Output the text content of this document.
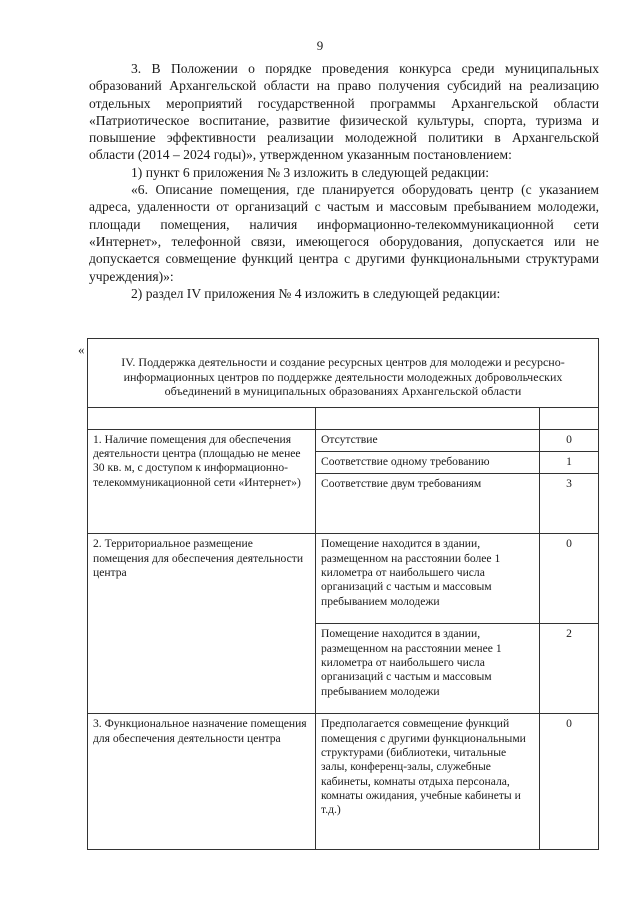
9

3. В Положении о порядке проведения конкурса среди муниципальных образований Архангельской области на право получения субсидий на реализацию отдельных мероприятий государственной программы Архангельской области «Патриотическое воспитание, развитие физической культуры, спорта, туризма и повышение эффективности реализации молодежной политики в Архангельской области (2014 – 2024 годы)», утвержденном указанным постановлением:

1) пункт 6 приложения № 3 изложить в следующей редакции:

«6. Описание помещения, где планируется оборудовать центр (с указанием адреса, удаленности от организаций с частым и массовым пребыванием молодежи, площади помещения, наличия информационно-телекоммуникационной сети «Интернет», телефонной связи, имеющегося оборудования, допускается или не допускается совмещение функций центра с другими функциональными структурами учреждения)»:

2) раздел IV приложения № 4 изложить в следующей редакции:

«
IV. Поддержка деятельности и создание ресурсных центров для молодежи и ресурсно-информационных центров по поддержке деятельности молодежных добровольческих объединений в муниципальных образованиях Архангельской области		

1. Наличие помещения для обеспечения деятельности центра (площадью не менее 30 кв. м, с доступом к информационно-телекоммуникационной сети «Интернет»)	Отсутствие	0
	Соответствие одному требованию	1
	Соответствие двум требованиям	3
2. Территориальное размещение помещения для обеспечения деятельности центра	Помещение находится в здании, размещенном на расстоянии более 1 километра от наибольшего числа организаций с частым и массовым пребыванием молодежи	0
	Помещение находится в здании, размещенном на расстоянии менее 1 километра от наибольшего числа организаций с частым и массовым пребыванием молодежи	2
3. Функциональное назначение помещения для обеспечения деятельности центра	Предполагается совмещение функций помещения с другими функциональными структурами (библиотеки, читальные залы, конференц-залы, служебные кабинеты, комнаты отдыха персонала, комнаты ожидания, учебные кабинеты и т.д.)	0
